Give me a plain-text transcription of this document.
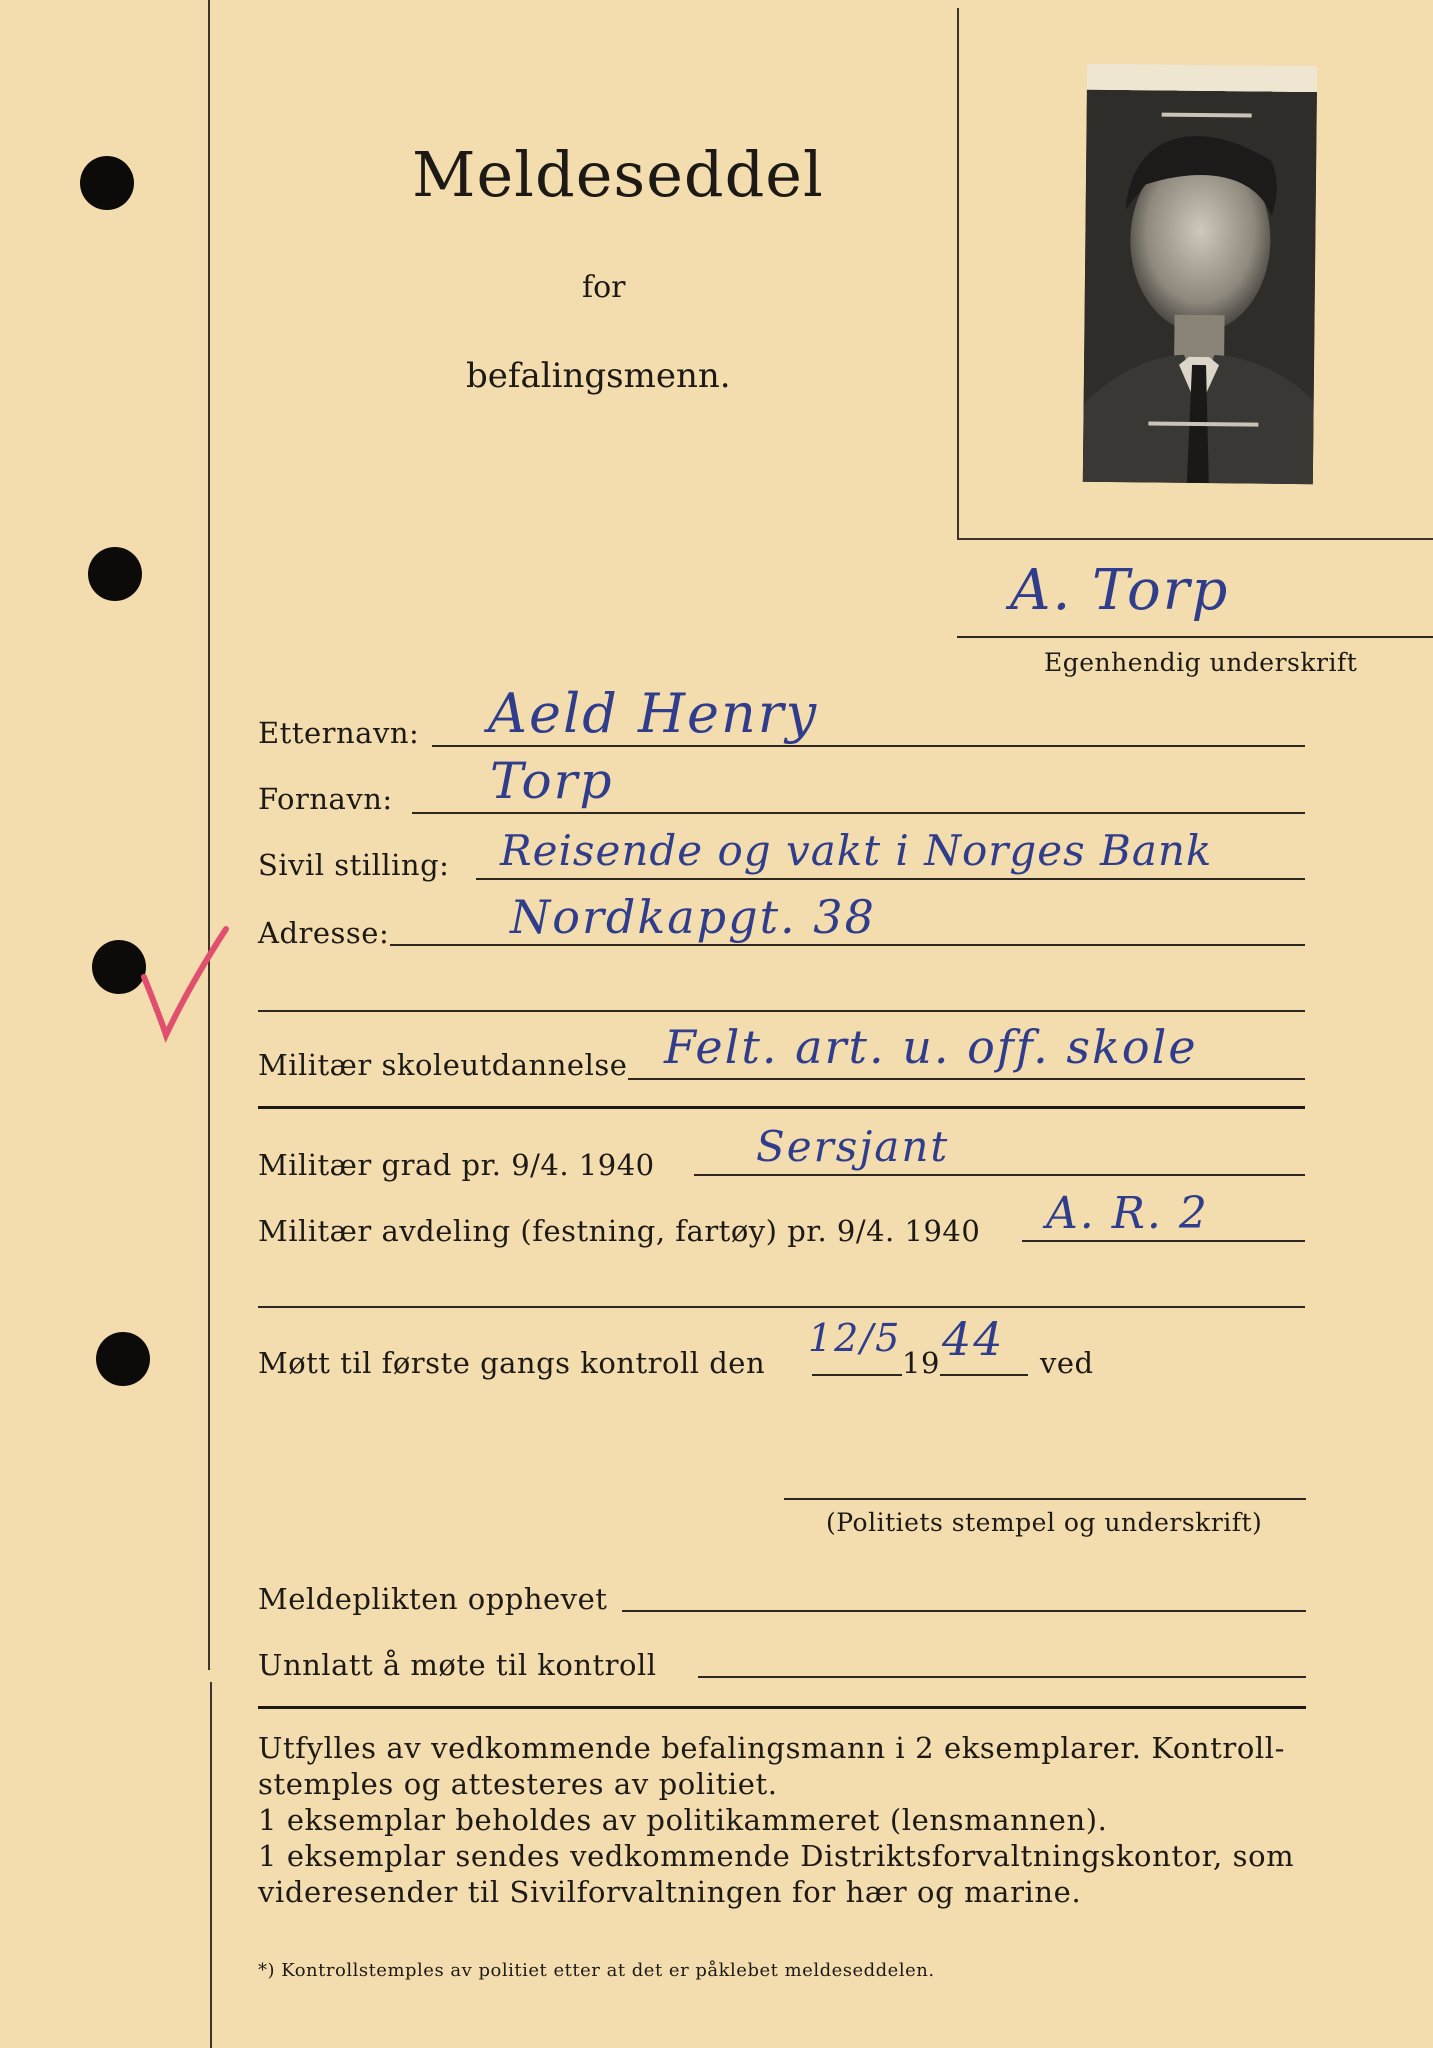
Meldeseddel
for
befalingsmenn.
A. Torp
Egenhendig underskrift
Etternavn: Aeld Henry
Fornavn: Torp
Sivil stilling: Reisende og vakt i Norges Bank
Adresse:	Nordkapgt. 38
Militær skoleutdannelse Felt. art. u. off. skole
Militær grad pr. 9/4. 1940 Sersjant
Militær avdeling (festning, fartøy) pr. 9/4. 1940 A. R. 2
Møtt til første gangs kontroll den
12/5
19 44 ved
(Politiets stempel og underskrift)
Meldeplikten opphevet
Unnlatt å møte til kontroll
Utfylles av vedkommende befalingsmann i 2 eksemplarer. Kontroll-
stemples og attesteres av politiet.
1 eksemplar beholdes av politikammeret (lensmannen).
1 eksemplar sendes vedkommende Distriktsforvaltningskontor, som
videresender til Sivilforvaltningen for hær og marine.
*) Kontrollstemples av politiet etter at det er påklebet meldeseddelen.
